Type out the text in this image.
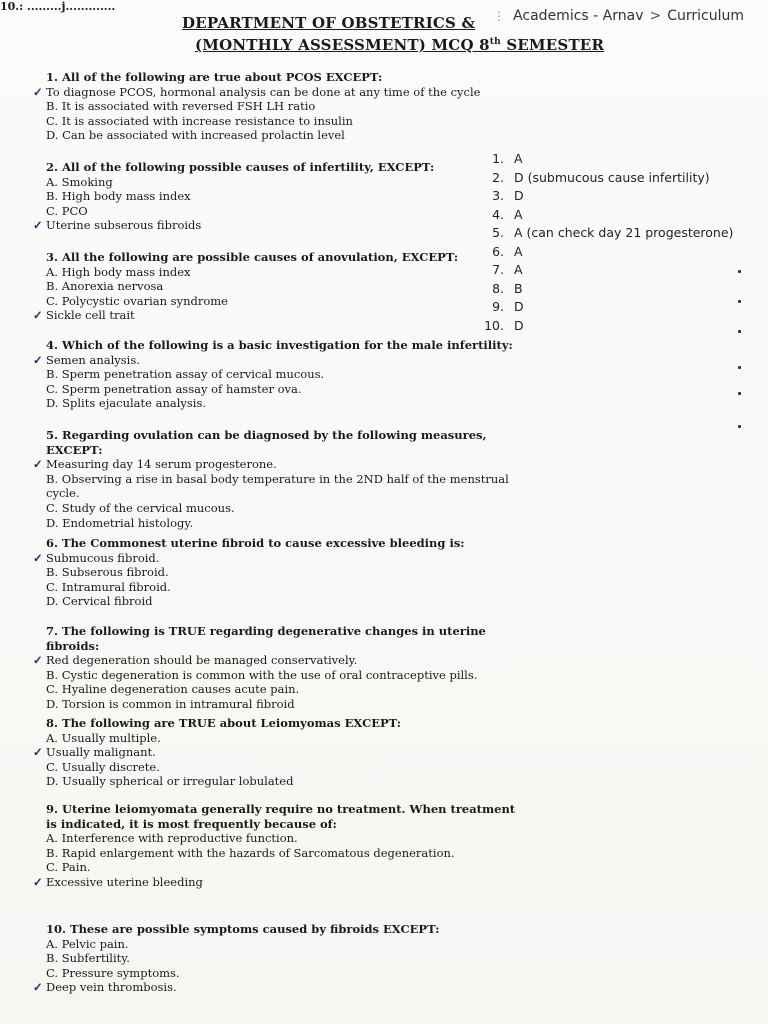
10.: .........j.............
DEPARTMENT OF OBSTETRICS &
(MONTHLY ASSESSMENT) MCQ 8th SEMESTER
⋮ Academics - Arnav > Curriculum
1. All of the following are true about PCOS EXCEPT:
✓ To diagnose PCOS, hormonal analysis can be done at any time of the cycle
B. It is associated with reversed FSH LH ratio
C. It is associated with increase resistance to insulin
D. Can be associated with increased prolactin level
2. All of the following possible causes of infertility, EXCEPT:
A. Smoking
B. High body mass index
C. PCO
✓ Uterine subserous fibroids
3. All the following are possible causes of anovulation, EXCEPT:
A. High body mass index
B. Anorexia nervosa
C. Polycystic ovarian syndrome
✓ Sickle cell trait
4. Which of the following is a basic investigation for the male infertility:
✓ Semen analysis.
B. Sperm penetration assay of cervical mucous.
C. Sperm penetration assay of hamster ova.
D. Splits ejaculate analysis.
5. Regarding ovulation can be diagnosed by the following measures, EXCEPT:
✓ Measuring day 14 serum progesterone.
B. Observing a rise in basal body temperature in the 2ND half of the menstrual cycle.
C. Study of the cervical mucous.
D. Endometrial histology.
6. The Commonest uterine fibroid to cause excessive bleeding is:
✓ Submucous fibroid.
B. Subserous fibroid.
C. Intramural fibroid.
D. Cervical fibroid
7. The following is TRUE regarding degenerative changes in uterine fibroids:
✓ Red degeneration should be managed conservatively.
B. Cystic degeneration is common with the use of oral contraceptive pills.
C. Hyaline degeneration causes acute pain.
D. Torsion is common in intramural fibroid
8. The following are TRUE about Leiomyomas EXCEPT:
A. Usually multiple.
✓ Usually malignant.
C. Usually discrete.
D. Usually spherical or irregular lobulated
9. Uterine leiomyomata generally require no treatment. When treatment is indicated, it is most frequently because of:
A. Interference with reproductive function.
B. Rapid enlargement with the hazards of Sarcomatous degeneration.
C. Pain.
✓ Excessive uterine bleeding
10. These are possible symptoms caused by fibroids EXCEPT:
A. Pelvic pain.
B. Subfertility.
C. Pressure symptoms.
✓ Deep vein thrombosis.
1. A
2. D (submucous cause infertility)
3. D
4. A
5. A (can check day 21 progesterone)
6. A
7. A
8. B
9. D
10. D
